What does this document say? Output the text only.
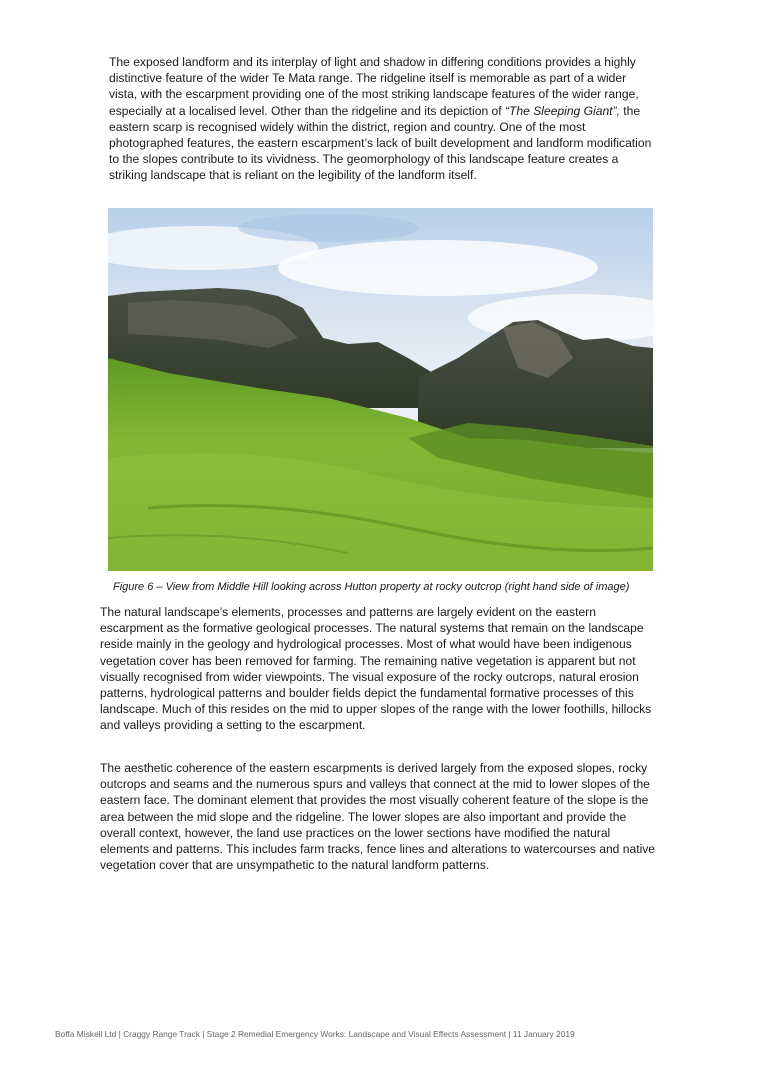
The exposed landform and its interplay of light and shadow in differing conditions provides a highly distinctive feature of the wider Te Mata range. The ridgeline itself is memorable as part of a wider vista, with the escarpment providing one of the most striking landscape features of the wider range, especially at a localised level. Other than the ridgeline and its depiction of “The Sleeping Giant”, the eastern scarp is recognised widely within the district, region and country. One of the most photographed features, the eastern escarpment’s lack of built development and landform modification to the slopes contribute to its vividness. The geomorphology of this landscape feature creates a striking landscape that is reliant on the legibility of the landform itself.

Figure 6 – View from Middle Hill looking across Hutton property at rocky outcrop (right hand side of image)

The natural landscape’s elements, processes and patterns are largely evident on the eastern escarpment as the formative geological processes. The natural systems that remain on the landscape reside mainly in the geology and hydrological processes. Most of what would have been indigenous vegetation cover has been removed for farming. The remaining native vegetation is apparent but not visually recognised from wider viewpoints. The visual exposure of the rocky outcrops, natural erosion patterns, hydrological patterns and boulder fields depict the fundamental formative processes of this landscape. Much of this resides on the mid to upper slopes of the range with the lower foothills, hillocks and valleys providing a setting to the escarpment.

The aesthetic coherence of the eastern escarpments is derived largely from the exposed slopes, rocky outcrops and seams and the numerous spurs and valleys that connect at the mid to lower slopes of the eastern face. The dominant element that provides the most visually coherent feature of the slope is the area between the mid slope and the ridgeline. The lower slopes are also important and provide the overall context, however, the land use practices on the lower sections have modified the natural elements and patterns. This includes farm tracks, fence lines and alterations to watercourses and native vegetation cover that are unsympathetic to the natural landform patterns.

Boffa Miskell Ltd | Craggy Range Track | Stage 2 Remedial Emergency Works: Landscape and Visual Effects Assessment | 11 January 2019
